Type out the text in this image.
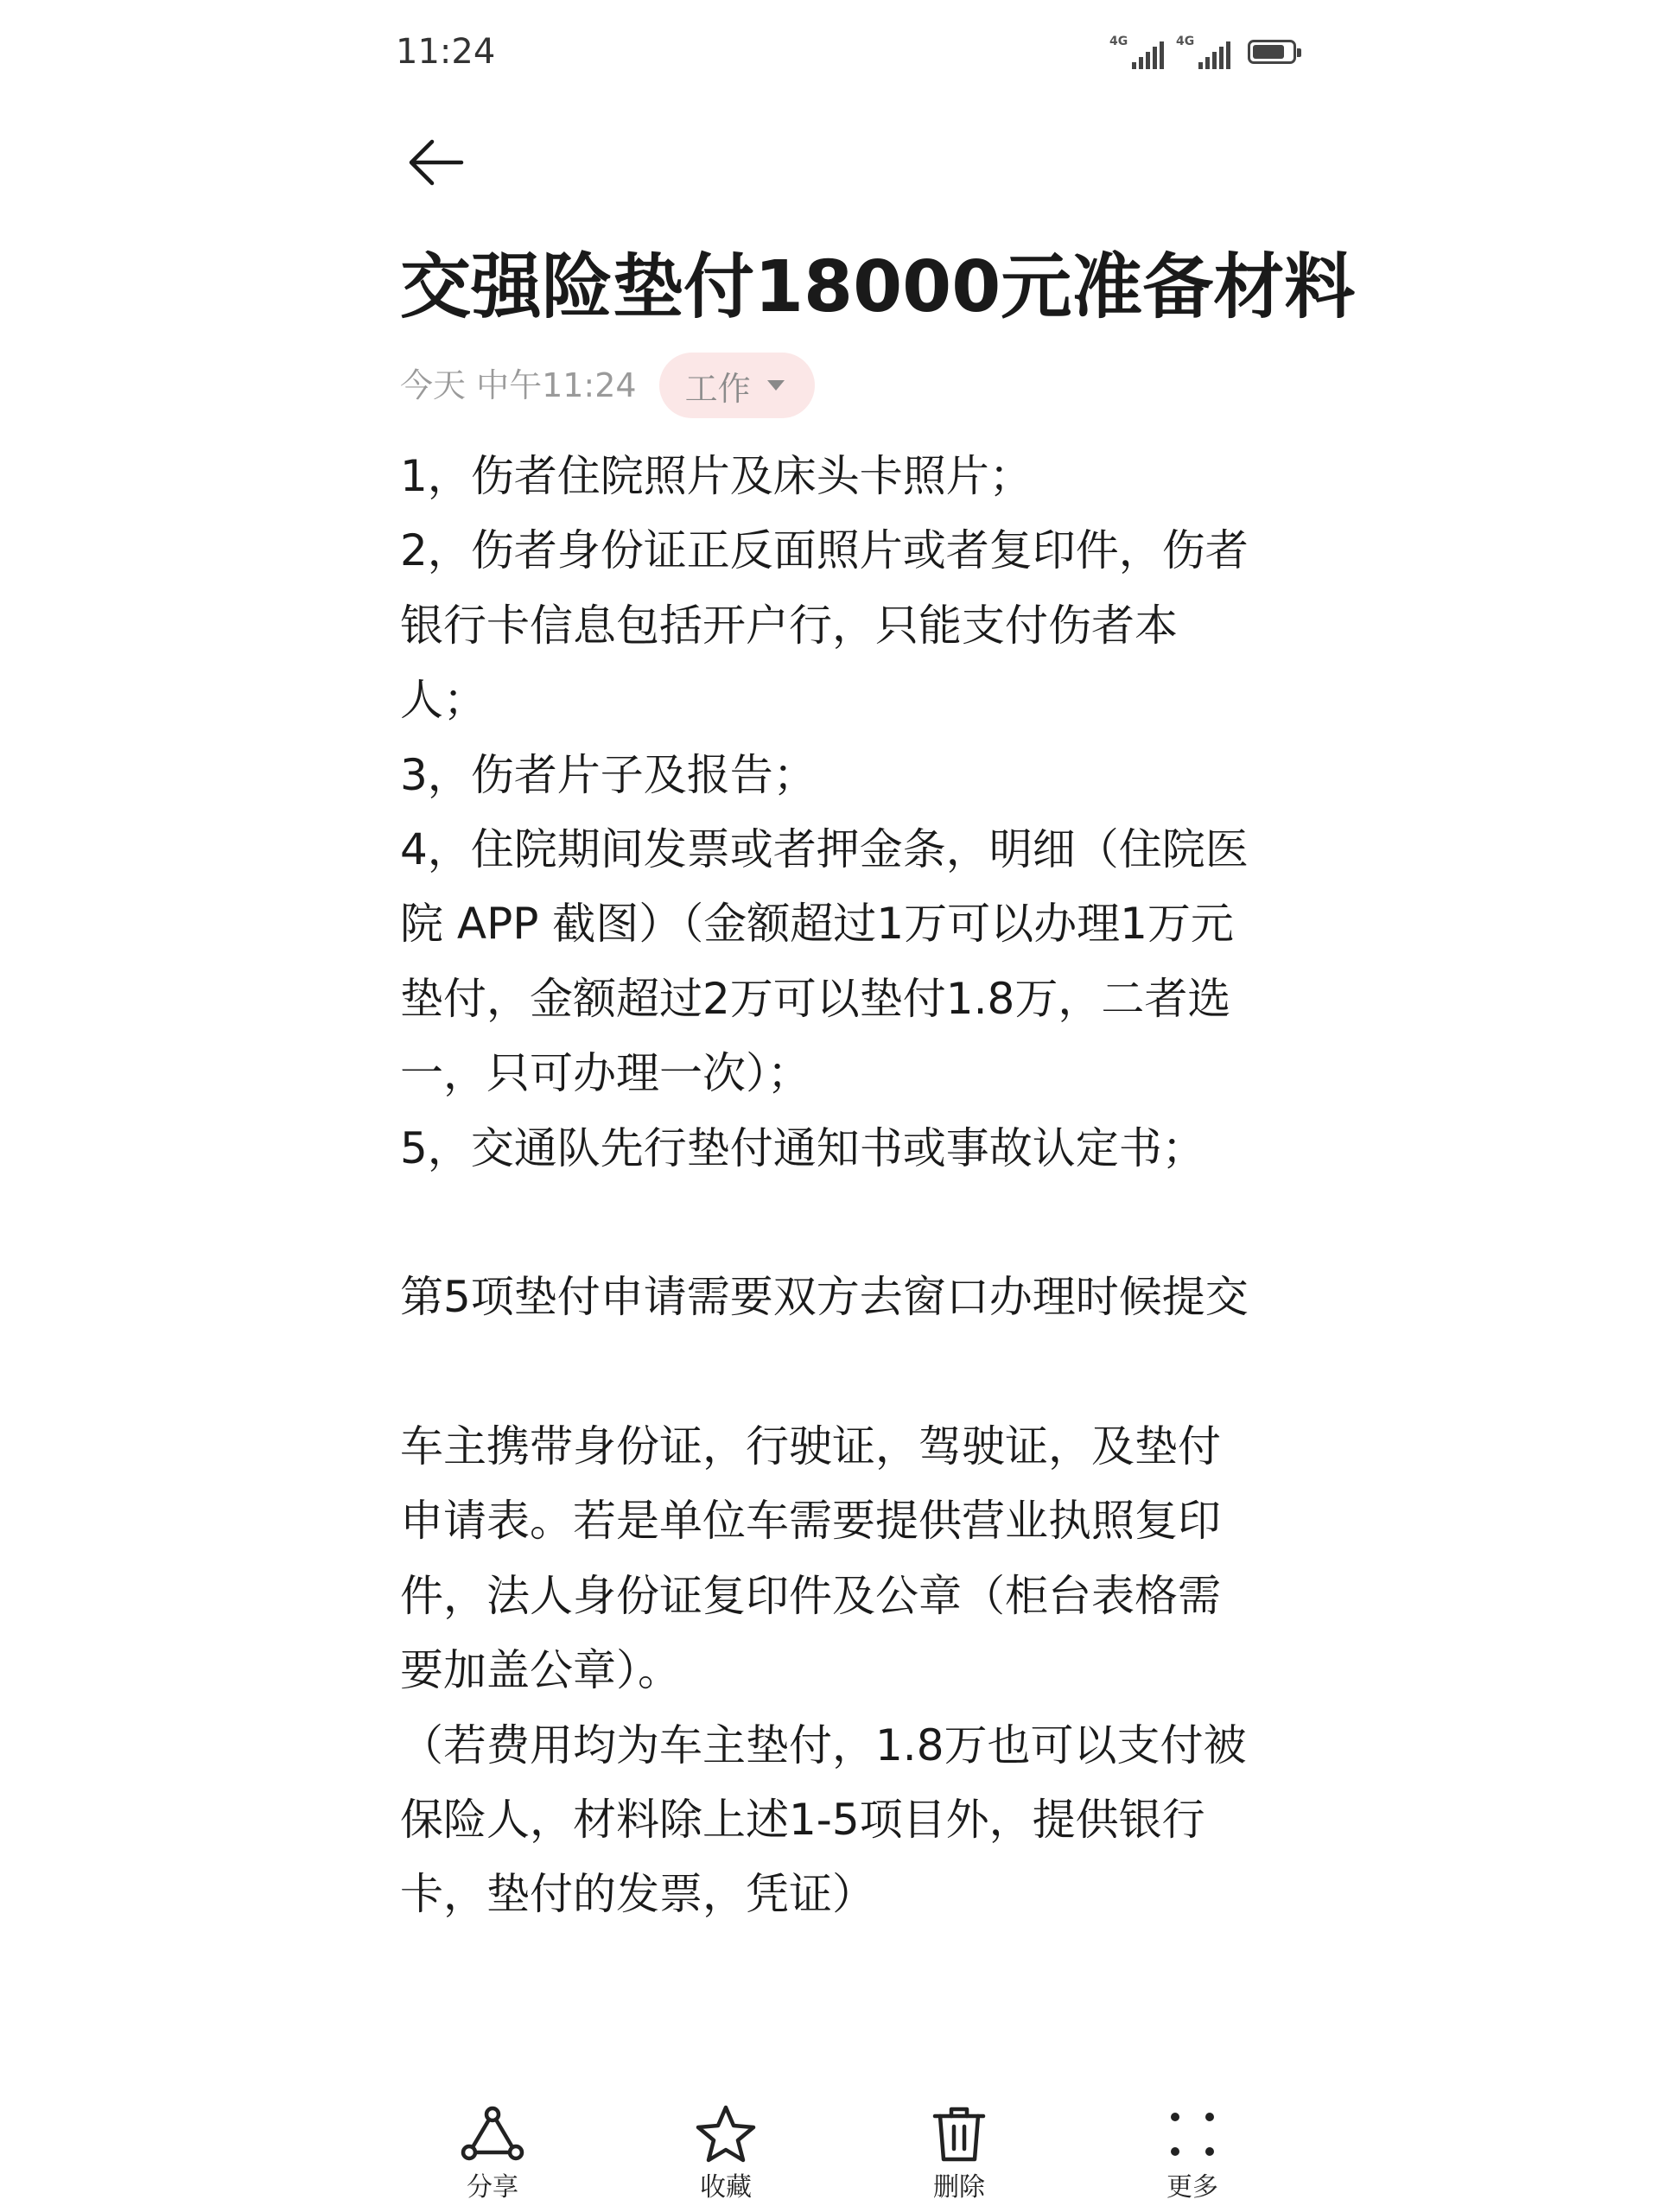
11:24	4G	4G
交强险垫付18000元准备材料
今天 中午11:24 工作
1，伤者住院照片及床头卡照片；
2，伤者身份证正反面照片或者复印件，伤者
银行卡信息包括开户行，只能支付伤者本
人；
3，伤者片子及报告；
4，住院期间发票或者押金条，明细（住院医
院 APP 截图）（金额超过1万可以办理1万元
垫付，金额超过2万可以垫付1.8万，二者选
一，只可办理一次）；
5，交通队先行垫付通知书或事故认定书；
第5项垫付申请需要双方去窗口办理时候提交
车主携带身份证，行驶证，驾驶证，及垫付
申请表。若是单位车需要提供营业执照复印
件，法人身份证复印件及公章（柜台表格需
要加盖公章）。
（若费用均为车主垫付，1.8万也可以支付被
保险人，材料除上述1-5项目外，提供银行
卡，垫付的发票，凭证）
分享	收藏	删除	更多
